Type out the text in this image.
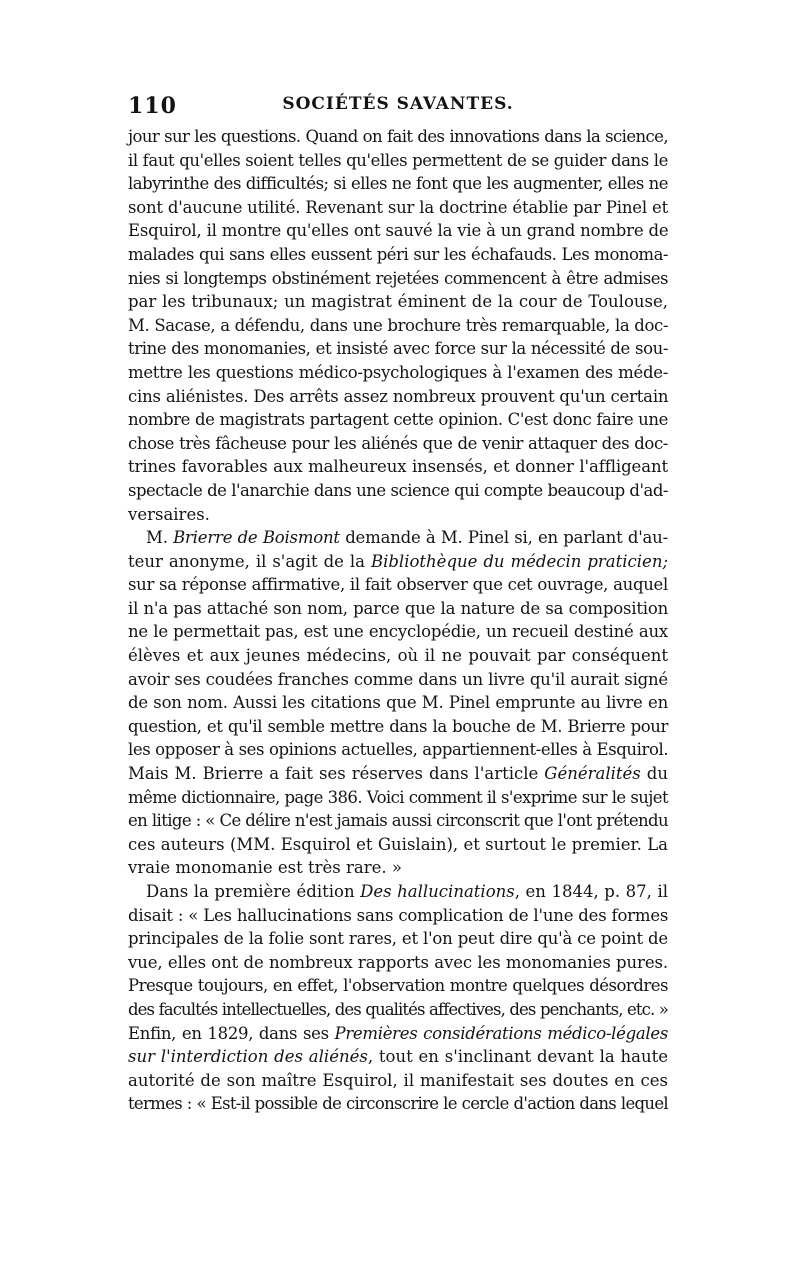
110	SOCIÉTÉS SAVANTES.
jour sur les questions. Quand on fait des innovations dans la science,
il faut qu'elles soient telles qu'elles permettent de se guider dans le
labyrinthe des difficultés; si elles ne font que les augmenter, elles ne
sont d'aucune utilité. Revenant sur la doctrine établie par Pinel et
Esquirol, il montre qu'elles ont sauvé la vie à un grand nombre de
malades qui sans elles eussent péri sur les échafauds. Les monoma-
nies si longtemps obstinément rejetées commencent à être admises
par les tribunaux; un magistrat éminent de la cour de Toulouse,
M. Sacase, a défendu, dans une brochure très remarquable, la doc-
trine des monomanies, et insisté avec force sur la nécessité de sou-
mettre les questions médico-psychologiques à l'examen des méde-
cins aliénistes. Des arrêts assez nombreux prouvent qu'un certain
nombre de magistrats partagent cette opinion. C'est donc faire une
chose très fâcheuse pour les aliénés que de venir attaquer des doc-
trines favorables aux malheureux insensés, et donner l'affligeant
spectacle de l'anarchie dans une science qui compte beaucoup d'ad-
versaires.
M. Brierre de Boismont demande à M. Pinel si, en parlant d'au-
teur anonyme, il s'agit de la Bibliothèque du médecin praticien;
sur sa réponse affirmative, il fait observer que cet ouvrage, auquel
il n'a pas attaché son nom, parce que la nature de sa composition
ne le permettait pas, est une encyclopédie, un recueil destiné aux
élèves et aux jeunes médecins, où il ne pouvait par conséquent
avoir ses coudées franches comme dans un livre qu'il aurait signé
de son nom. Aussi les citations que M. Pinel emprunte au livre en
question, et qu'il semble mettre dans la bouche de M. Brierre pour
les opposer à ses opinions actuelles, appartiennent-elles à Esquirol.
Mais M. Brierre a fait ses réserves dans l'article Généralités du
même dictionnaire, page 386. Voici comment il s'exprime sur le sujet
en litige : « Ce délire n'est jamais aussi circonscrit que l'ont prétendu
ces auteurs (MM. Esquirol et Guislain), et surtout le premier. La
vraie monomanie est très rare. »
Dans la première édition Des hallucinations, en 1844, p. 87, il
disait : « Les hallucinations sans complication de l'une des formes
principales de la folie sont rares, et l'on peut dire qu'à ce point de
vue, elles ont de nombreux rapports avec les monomanies pures.
Presque toujours, en effet, l'observation montre quelques désordres
des facultés intellectuelles, des qualités affectives, des penchants, etc. »
Enfin, en 1829, dans ses Premières considérations médico-légales
sur l'interdiction des aliénés, tout en s'inclinant devant la haute
autorité de son maître Esquirol, il manifestait ses doutes en ces
termes : « Est-il possible de circonscrire le cercle d'action dans lequel
